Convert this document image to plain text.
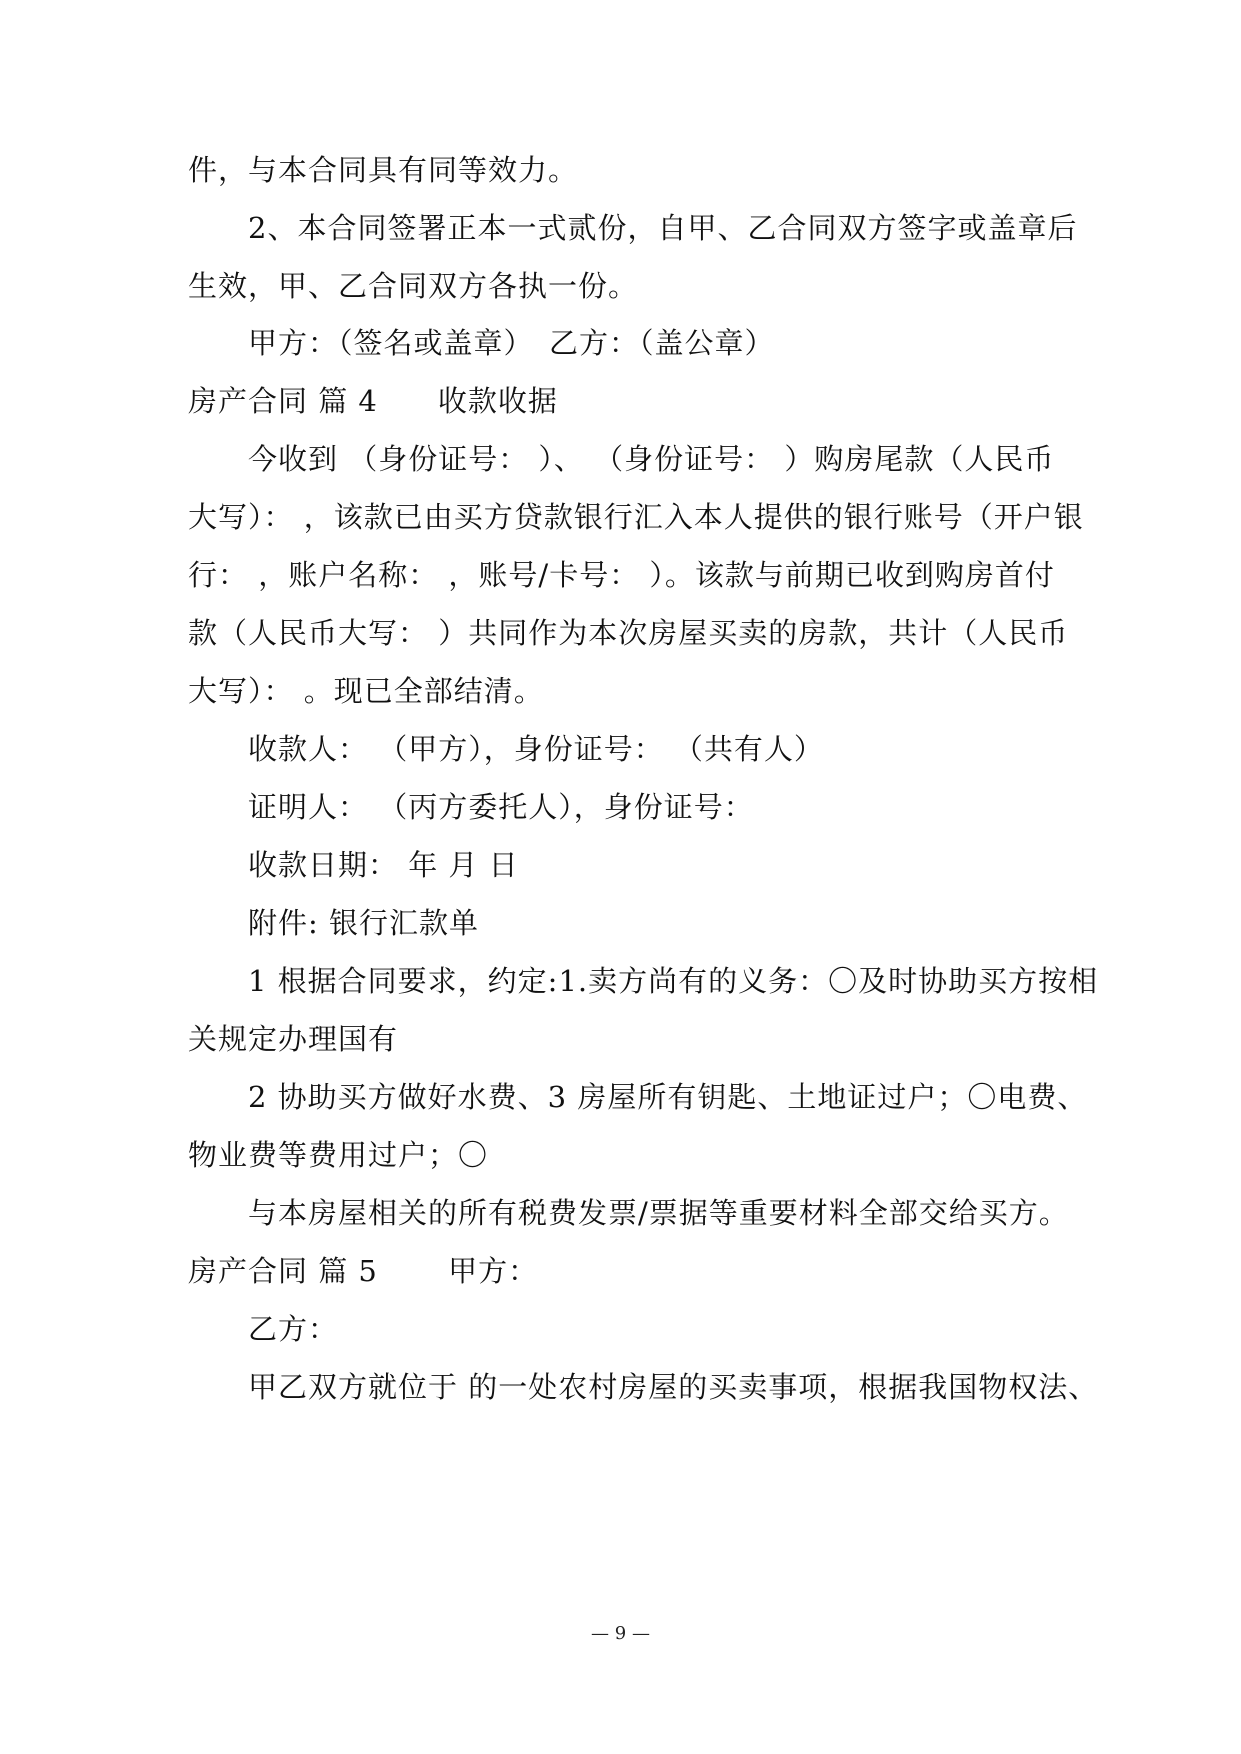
件，与本合同具有同等效力。
2、本合同签署正本一式贰份，自甲、乙合同双方签字或盖章后
生效，甲、乙合同双方各执一份。
甲方：（签名或盖章）　乙方：（盖公章）
房产合同 篇 4　　收款收据
今收到 （身份证号： ）、 （身份证号： ）购房尾款（人民币
大写）： ，该款已由买方贷款银行汇入本人提供的银行账号（开户银
行： ，账户名称： ，账号/卡号： ）。该款与前期已收到购房首付
款（人民币大写： ）共同作为本次房屋买卖的房款，共计（人民币
大写）： 。现已全部结清。
收款人： （甲方），身份证号： （共有人）
证明人： （丙方委托人），身份证号：
收款日期： 年 月 日
附件: 银行汇款单
1 根据合同要求，约定:1.卖方尚有的义务：〇及时协助买方按相
关规定办理国有
2 协助买方做好水费、3 房屋所有钥匙、土地证过户；〇电费、
物业费等费用过户；〇
与本房屋相关的所有税费发票/票据等重要材料全部交给买方。
房产合同 篇 5　　 甲方：
乙方：
甲乙双方就位于 的一处农村房屋的买卖事项，根据我国物权法、
— 9 —
